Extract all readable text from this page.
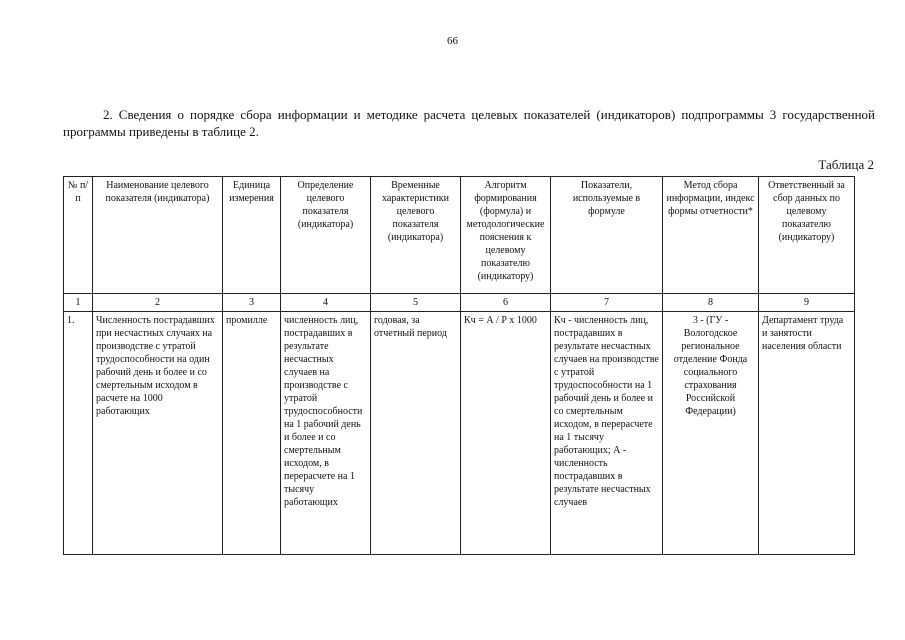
66
2. Сведения о порядке сбора информации и методике расчета целевых показателей (индикаторов) подпрограммы 3 государственной программы приведены в таблице 2.
Таблица 2
№ п/п	Наименование целевого показателя (индикатора)	Единица измерения	Определение целевого показателя (индикатора)	Временные характеристики целевого показателя (индикатора)	Алгоритм формирования (формула) и методологические пояснения к целевому показателю (индикатору)	Показатели, используемые в формуле	Метод сбора информации, индекс формы отчетности*	Ответственный за сбор данных по целевому показателю (индикатору)
1	2	3	4	5	6	7	8	9
1.	Численность пострадавших при несчастных случаях на производстве с утратой трудоспособности на один рабочий день и более и со смертельным исходом в расчете на 1000 работающих	промилле	численность лиц, пострадавших в результате несчастных случаев на производстве с утратой трудоспособности на 1 рабочий день и более и со смертельным исходом, в перерасчете на 1 тысячу работающих	годовая, за отчетный период	Кч = А / Р х 1000	Кч - численность лиц, пострадавших в результате несчастных случаев на производстве с утратой трудоспособности на 1 рабочий день и более и со смертельным исходом, в перерасчете на 1 тысячу работающих; А - численность пострадавших в результате несчастных случаев	3 - (ГУ - Вологодское региональное отделение Фонда социального страхования Российской Федерации)	Департамент труда и занятости населения области
